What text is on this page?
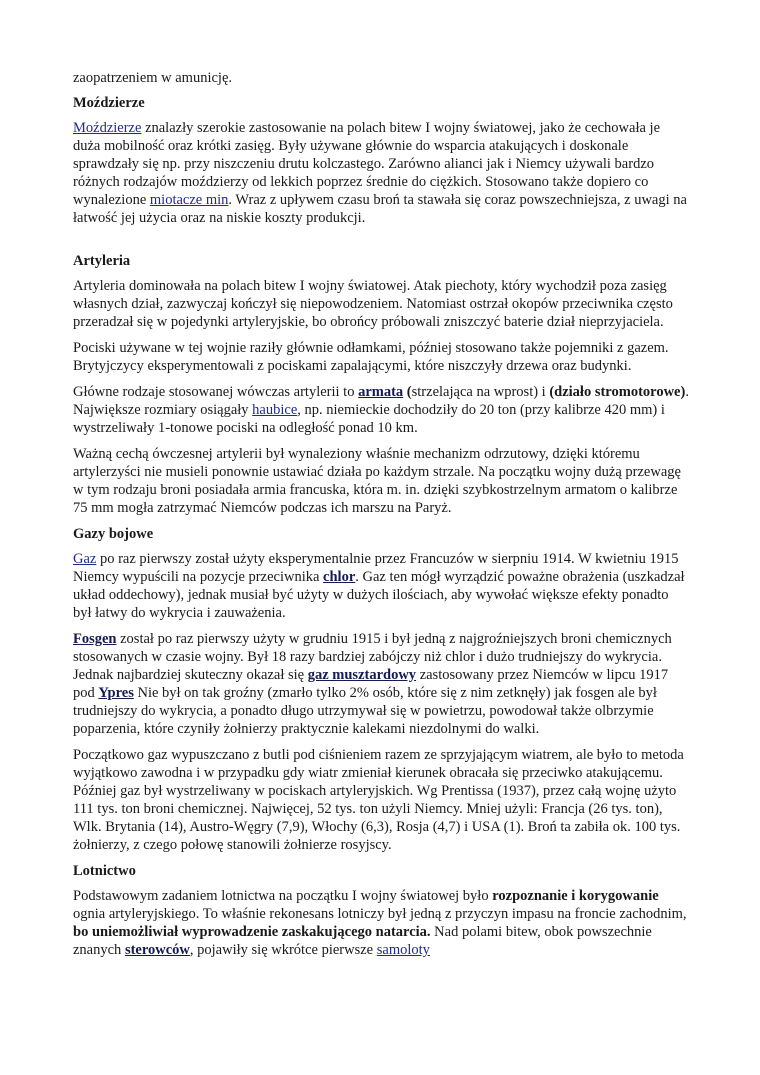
zaopatrzeniem w amunicję.

Moździerze

Moździerze znalazły szerokie zastosowanie na polach bitew I wojny światowej, jako że cechowała je duża mobilność oraz krótki zasięg. Były używane głównie do wsparcia atakujących i doskonale sprawdzały się np. przy niszczeniu drutu kolczastego. Zarówno alianci jak i Niemcy używali bardzo różnych rodzajów moździerzy od lekkich poprzez średnie do ciężkich. Stosowano także dopiero co wynalezione miotacze min. Wraz z upływem czasu broń ta stawała się coraz powszechniejsza, z uwagi na łatwość jej użycia oraz na niskie koszty produkcji.

Artyleria

Artyleria dominowała na polach bitew I wojny światowej. Atak piechoty, który wychodził poza zasięg własnych dział, zazwyczaj kończył się niepowodzeniem. Natomiast ostrzał okopów przeciwnika często przeradzał się w pojedynki artyleryjskie, bo obrońcy próbowali zniszczyć baterie dział nieprzyjaciela.

Pociski używane w tej wojnie raziły głównie odłamkami, później stosowano także pojemniki z gazem. Brytyjczycy eksperymentowali z pociskami zapalającymi, które niszczyły drzewa oraz budynki.

Główne rodzaje stosowanej wówczas artylerii to armata (strzelająca na wprost) i (działo stromotorowe). Największe rozmiary osiągały haubice, np. niemieckie dochodziły do 20 ton (przy kalibrze 420 mm) i wystrzeliwały 1-tonowe pociski na odległość ponad 10 km.

Ważną cechą ówczesnej artylerii był wynaleziony właśnie mechanizm odrzutowy, dzięki któremu artylerzyści nie musieli ponownie ustawiać działa po każdym strzale. Na początku wojny dużą przewagę w tym rodzaju broni posiadała armia francuska, która m. in. dzięki szybkostrzelnym armatom o kalibrze 75 mm mogła zatrzymać Niemców podczas ich marszu na Paryż.

Gazy bojowe

Gaz po raz pierwszy został użyty eksperymentalnie przez Francuzów w sierpniu 1914. W kwietniu 1915 Niemcy wypuścili na pozycje przeciwnika chlor. Gaz ten mógł wyrządzić poważne obrażenia (uszkadzał układ oddechowy), jednak musiał być użyty w dużych ilościach, aby wywołać większe efekty ponadto był łatwy do wykrycia i zauważenia.

Fosgen został po raz pierwszy użyty w grudniu 1915 i był jedną z najgroźniejszych broni chemicznych stosowanych w czasie wojny. Był 18 razy bardziej zabójczy niż chlor i dużo trudniejszy do wykrycia. Jednak najbardziej skuteczny okazał się gaz musztardowy zastosowany przez Niemców w lipcu 1917 pod Ypres Nie był on tak groźny (zmarło tylko 2% osób, które się z nim zetknęły) jak fosgen ale był trudniejszy do wykrycia, a ponadto długo utrzymywał się w powietrzu, powodował także olbrzymie poparzenia, które czyniły żołnierzy praktycznie kalekami niezdolnymi do walki.

Początkowo gaz wypuszczano z butli pod ciśnieniem razem ze sprzyjającym wiatrem, ale było to metoda wyjątkowo zawodna i w przypadku gdy wiatr zmieniał kierunek obracała się przeciwko atakującemu. Później gaz był wystrzeliwany w pociskach artyleryjskich. Wg Prentissa (1937), przez całą wojnę użyto 111 tys. ton broni chemicznej. Najwięcej, 52 tys. ton użyli Niemcy. Mniej użyli: Francja (26 tys. ton), Wlk. Brytania (14), Austro-Węgry (7,9), Włochy (6,3), Rosja (4,7) i USA (1). Broń ta zabiła ok. 100 tys. żołnierzy, z czego połowę stanowili żołnierze rosyjscy.

Lotnictwo

Podstawowym zadaniem lotnictwa na początku I wojny światowej było rozpoznanie i korygowanie ognia artyleryjskiego. To właśnie rekonesans lotniczy był jedną z przyczyn impasu na froncie zachodnim, bo uniemożliwiał wyprowadzenie zaskakującego natarcia. Nad polami bitew, obok powszechnie znanych sterowców, pojawiły się wkrótce pierwsze samoloty
